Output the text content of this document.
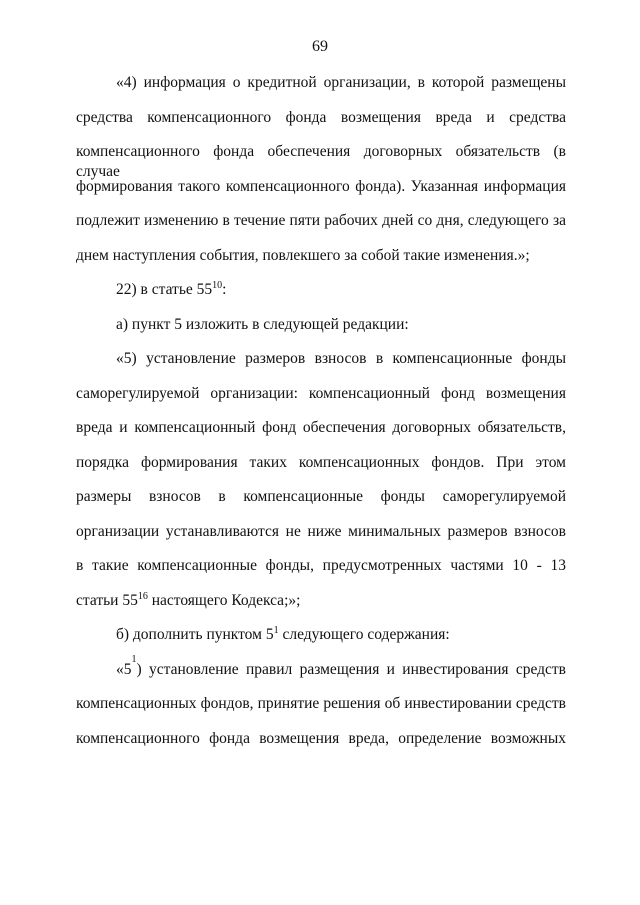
69
«4) информация о кредитной организации, в которой размещены
средства компенсационного фонда возмещения вреда и средства
компенсационного фонда обеспечения договорных обязательств (в случае
формирования такого компенсационного фонда). Указанная информация
подлежит изменению в течение пяти рабочих дней со дня, следующего за
днем наступления события, повлекшего за собой такие изменения.»;
22) в статье $55^{10}$:
а) пункт 5 изложить в следующей редакции:
«5) установление размеров взносов в компенсационные фонды
саморегулируемой организации: компенсационный фонд возмещения
вреда и компенсационный фонд обеспечения договорных обязательств,
порядка формирования таких компенсационных фондов. При этом
размеры взносов в компенсационные фонды саморегулируемой
организации устанавливаются не ниже минимальных размеров взносов
в такие компенсационные фонды, предусмотренных частями 10 - 13
статьи $55^{16}$ настоящего Кодекса;»;
б) дополнить пунктом $5^1$ следующего содержания:
«5
1
) установление правил размещения и инвестирования средств
компенсационных фондов, принятие решения об инвестировании средств
компенсационного фонда возмещения вреда, определение возможных
